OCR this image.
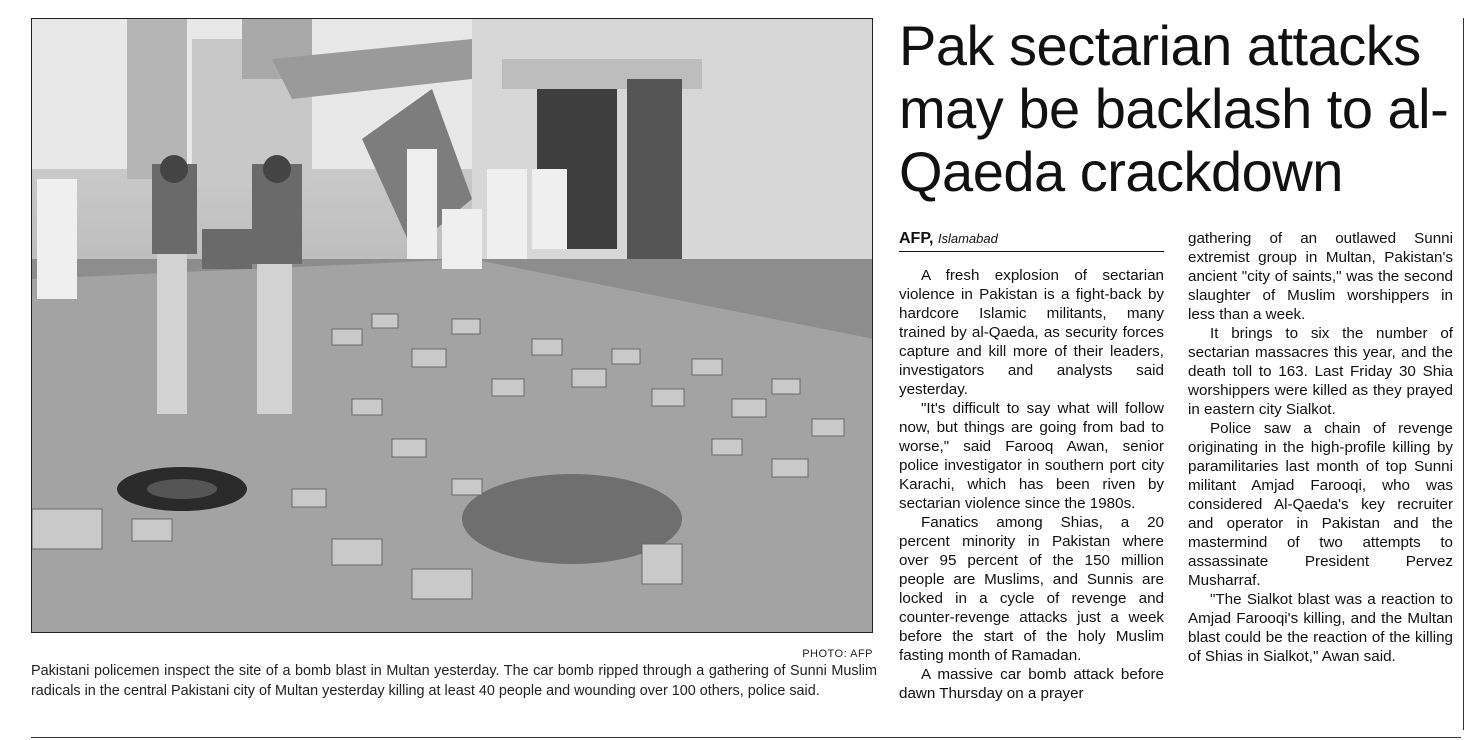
PHOTO: AFP
Pakistani policemen inspect the site of a bomb blast in Multan yesterday. The car bomb ripped through a gathering of Sunni Muslim radicals in the central Pakistani city of Multan yesterday killing at least 40 people and wounding over 100 others, police said.
Pak sectarian attacks may be backlash to al-Qaeda crackdown
AFP, Islamabad

A fresh explosion of sectarian violence in Pakistan is a fight-back by hardcore Islamic militants, many trained by al-Qaeda, as security forces capture and kill more of their leaders, investigators and analysts said yesterday.

"It's difficult to say what will follow now, but things are going from bad to worse," said Farooq Awan, senior police investigator in southern port city Karachi, which has been riven by sectarian violence since the 1980s.

Fanatics among Shias, a 20 percent minority in Pakistan where over 95 percent of the 150 million people are Muslims, and Sunnis are locked in a cycle of revenge and counter-revenge attacks just a week before the start of the holy Muslim fasting month of Ramadan.

A massive car bomb attack before dawn Thursday on a prayer

gathering of an outlawed Sunni extremist group in Multan, Pakistan's ancient "city of saints," was the second slaughter of Muslim worshippers in less than a week.

It brings to six the number of sectarian massacres this year, and the death toll to 163. Last Friday 30 Shia worshippers were killed as they prayed in eastern city Sialkot.

Police saw a chain of revenge originating in the high-profile killing by paramilitaries last month of top Sunni militant Amjad Farooqi, who was considered Al-Qaeda's key recruiter and operator in Pakistan and the mastermind of two attempts to assassinate President Pervez Musharraf.

"The Sialkot blast was a reaction to Amjad Farooqi's killing, and the Multan blast could be the reaction of the killing of Shias in Sialkot," Awan said.
